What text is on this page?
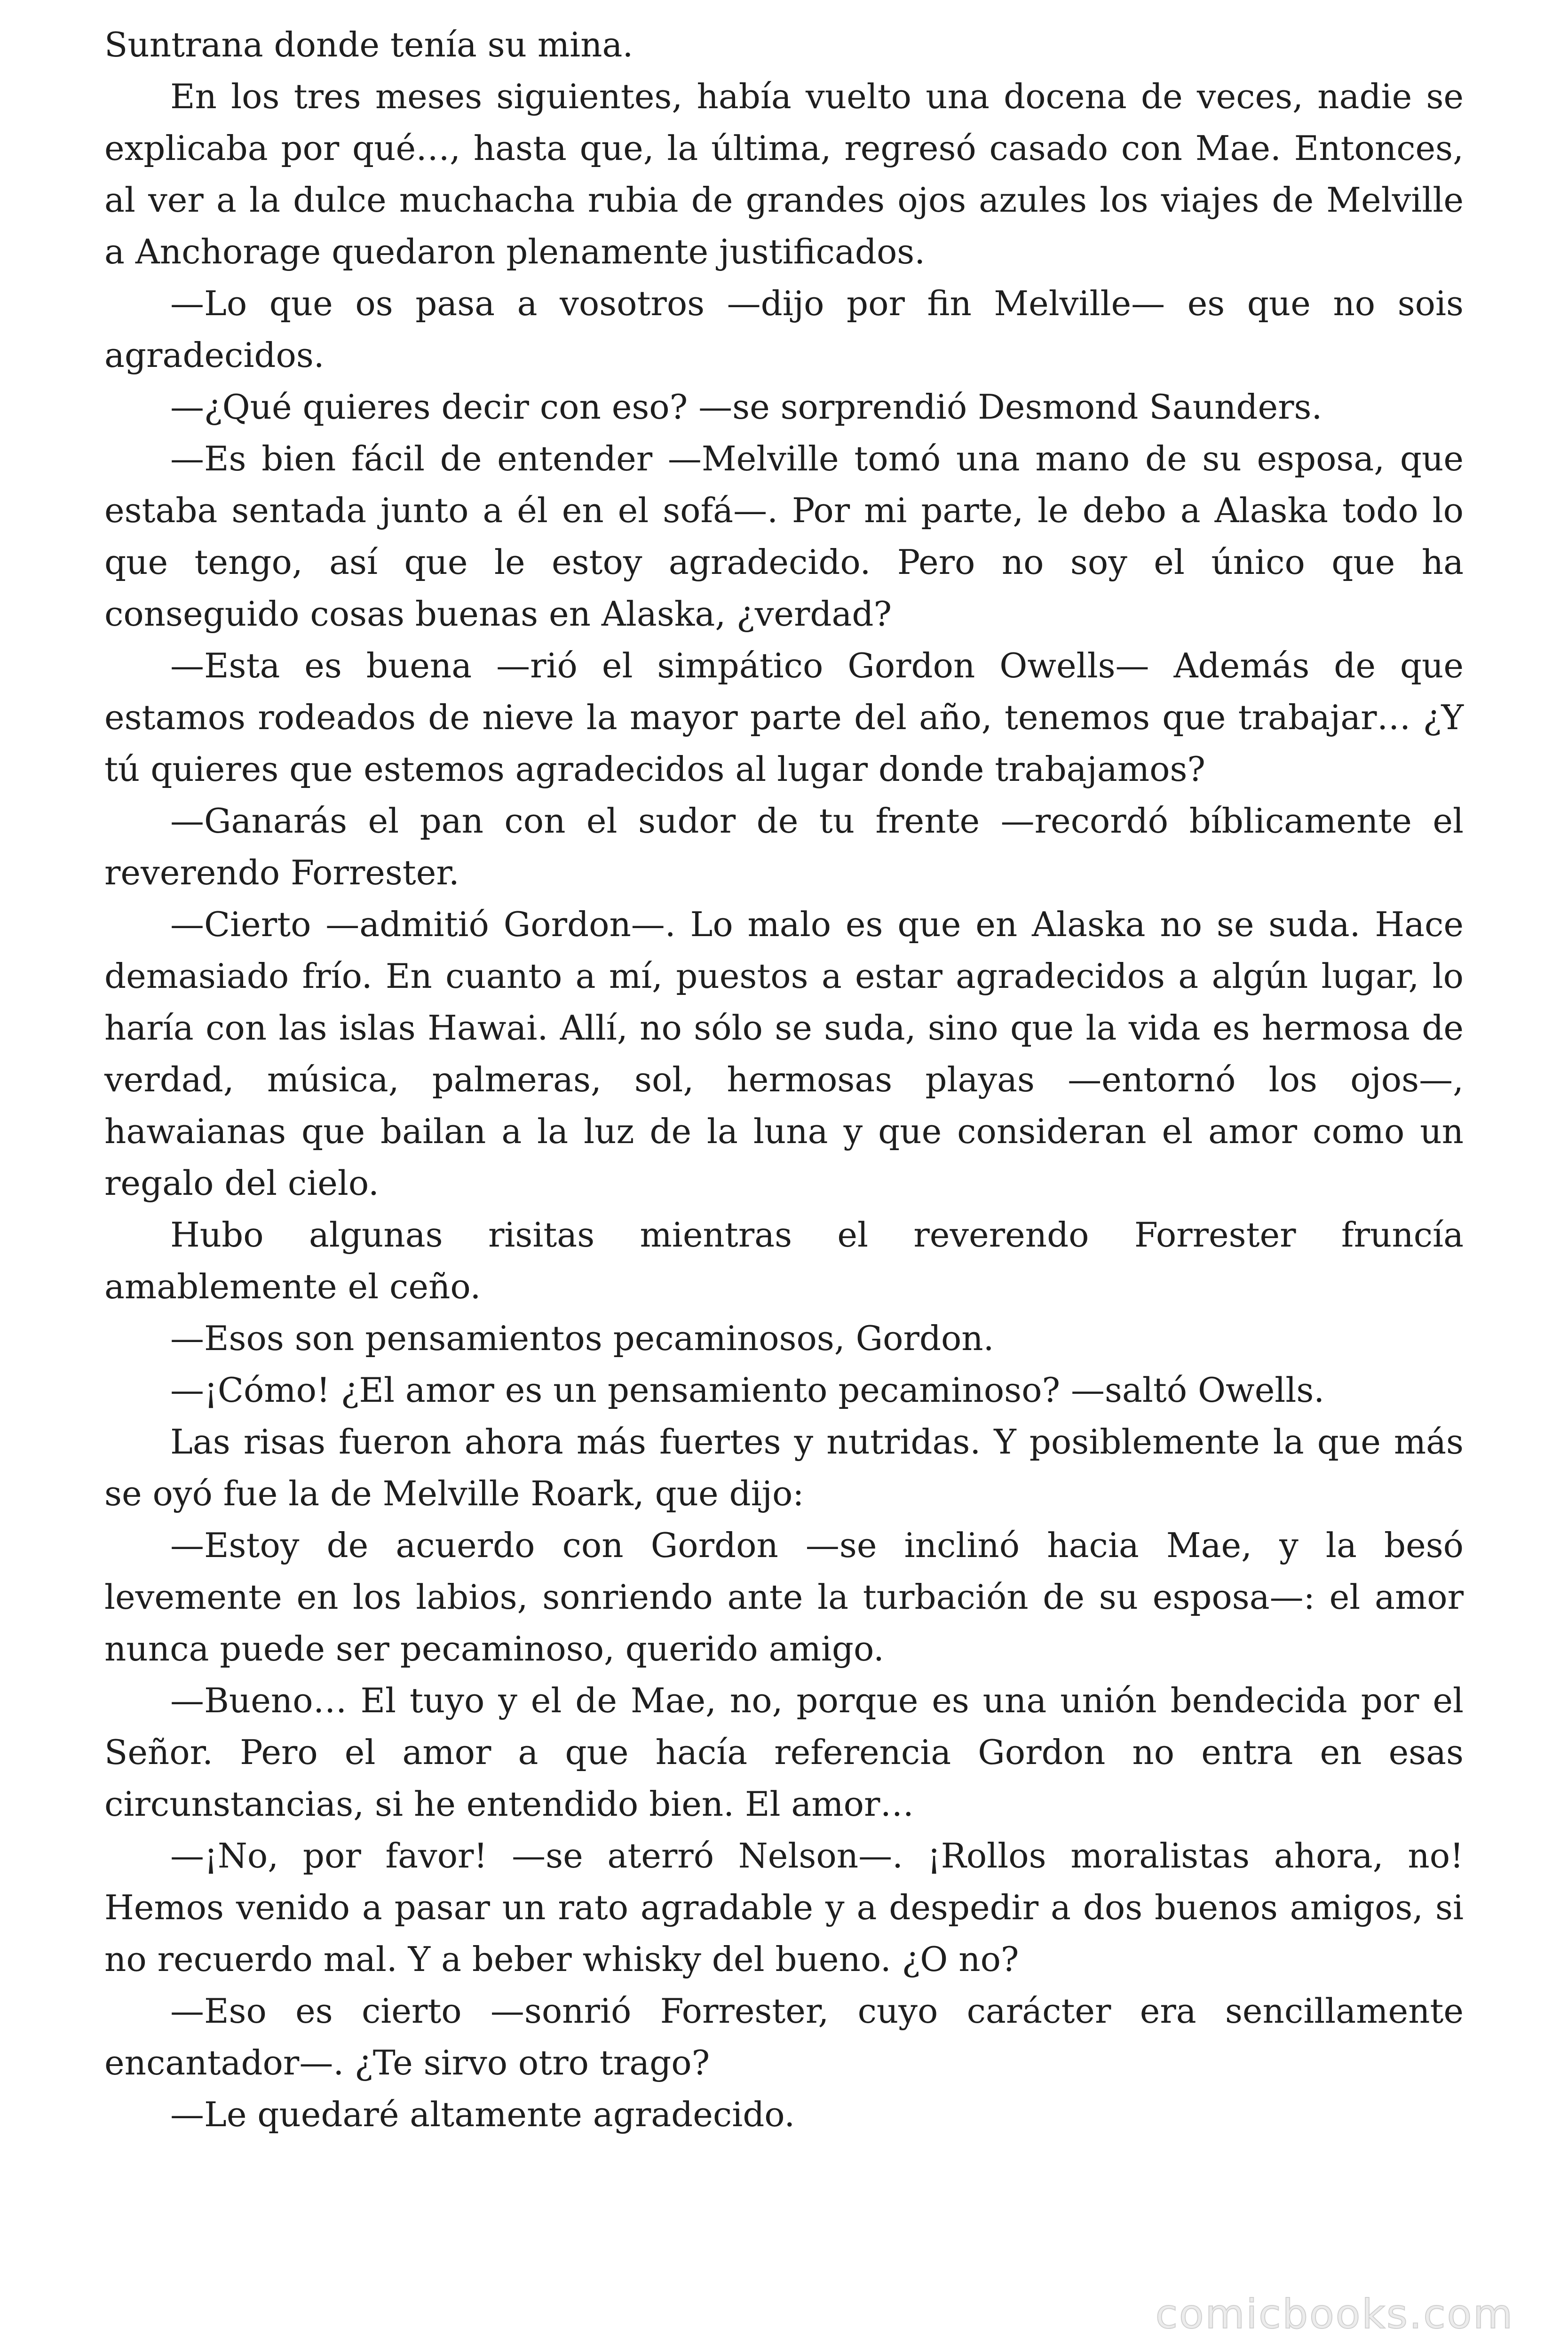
Suntrana donde tenía su mina.

En los tres meses siguientes, había vuelto una docena de veces, nadie se explicaba por qué…, hasta que, la última, regresó casado con Mae. Entonces, al ver a la dulce muchacha rubia de grandes ojos azules los viajes de Melville a Anchorage quedaron plenamente justificados.

—Lo que os pasa a vosotros —dijo por fin Melville— es que no sois agradecidos.

—¿Qué quieres decir con eso? —se sorprendió Desmond Saunders.

—Es bien fácil de entender —Melville tomó una mano de su esposa, que estaba sentada junto a él en el sofá—. Por mi parte, le debo a Alaska todo lo que tengo, así que le estoy agradecido. Pero no soy el único que ha conseguido cosas buenas en Alaska, ¿verdad?

—Esta es buena —rió el simpático Gordon Owells— Además de que estamos rodeados de nieve la mayor parte del año, tenemos que trabajar… ¿Y tú quieres que estemos agradecidos al lugar donde trabajamos?

—Ganarás el pan con el sudor de tu frente —recordó bíblicamente el reverendo Forrester.

—Cierto —admitió Gordon—. Lo malo es que en Alaska no se suda. Hace demasiado frío. En cuanto a mí, puestos a estar agradecidos a algún lugar, lo haría con las islas Hawai. Allí, no sólo se suda, sino que la vida es hermosa de verdad, música, palmeras, sol, hermosas playas —entornó los ojos—, hawaianas que bailan a la luz de la luna y que consideran el amor como un regalo del cielo.

Hubo algunas risitas mientras el reverendo Forrester fruncía amablemente el ceño.

—Esos son pensamientos pecaminosos, Gordon.

—¡Cómo! ¿El amor es un pensamiento pecaminoso? —saltó Owells.

Las risas fueron ahora más fuertes y nutridas. Y posiblemente la que más se oyó fue la de Melville Roark, que dijo:

—Estoy de acuerdo con Gordon —se inclinó hacia Mae, y la besó levemente en los labios, sonriendo ante la turbación de su esposa—: el amor nunca puede ser pecaminoso, querido amigo.

—Bueno… El tuyo y el de Mae, no, porque es una unión bendecida por el Señor. Pero el amor a que hacía referencia Gordon no entra en esas circunstancias, si he entendido bien. El amor…

—¡No, por favor! —se aterró Nelson—. ¡Rollos moralistas ahora, no! Hemos venido a pasar un rato agradable y a despedir a dos buenos amigos, si no recuerdo mal. Y a beber whisky del bueno. ¿O no?

—Eso es cierto —sonrió Forrester, cuyo carácter era sencillamente encantador—. ¿Te sirvo otro trago?

—Le quedaré altamente agradecido.

comicbooks.com
